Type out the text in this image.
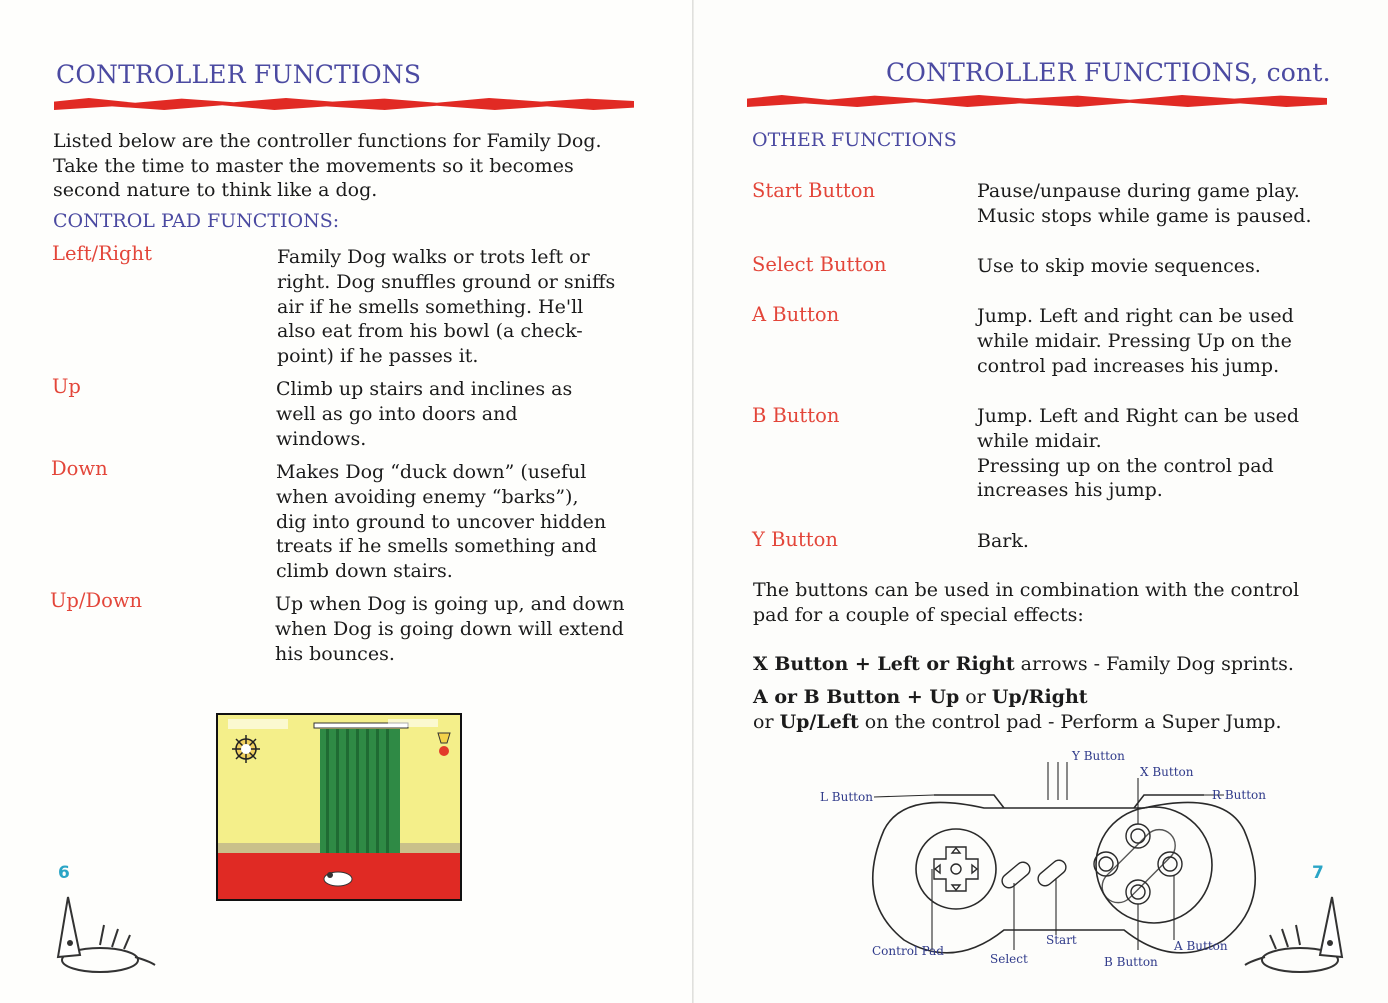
CONTROLLER FUNCTIONS
Listed below are the controller functions for Family Dog.
Take the time to master the movements so it becomes
second nature to think like a dog.
CONTROL PAD FUNCTIONS:
Left/Right	Family Dog walks or trots left or
right. Dog snuffles ground or sniffs
air if he smells something. He'll
also eat from his bowl (a check-
point) if he passes it.
Up	Climb up stairs and inclines as
well as go into doors and
windows.
Down	Makes Dog “duck down” (useful
when avoiding enemy “barks”),
dig into ground to uncover hidden
treats if he smells something and
climb down stairs.
Up/Down	Up when Dog is going up, and down
when Dog is going down will extend
his bounces.
6
CONTROLLER FUNCTIONS, cont.
OTHER FUNCTIONS
Start Button	Pause/unpause during game play.
Music stops while game is paused.
Select Button	Use to skip movie sequences.
A Button	Jump. Left and right can be used
while midair. Pressing Up on the
control pad increases his jump.
B Button	Jump. Left and Right can be used
while midair.
Pressing up on the control pad
increases his jump.
Y Button	Bark.
The buttons can be used in combination with the control
pad for a couple of special effects:
X Button + Left or Right arrows - Family Dog sprints.
A or B Button + Up or Up/Right
or Up/Left on the control pad - Perform a Super Jump.
L Button
Y Button
X Button
R Button
Control Pad
Select
Start
B Button
A Button
7
